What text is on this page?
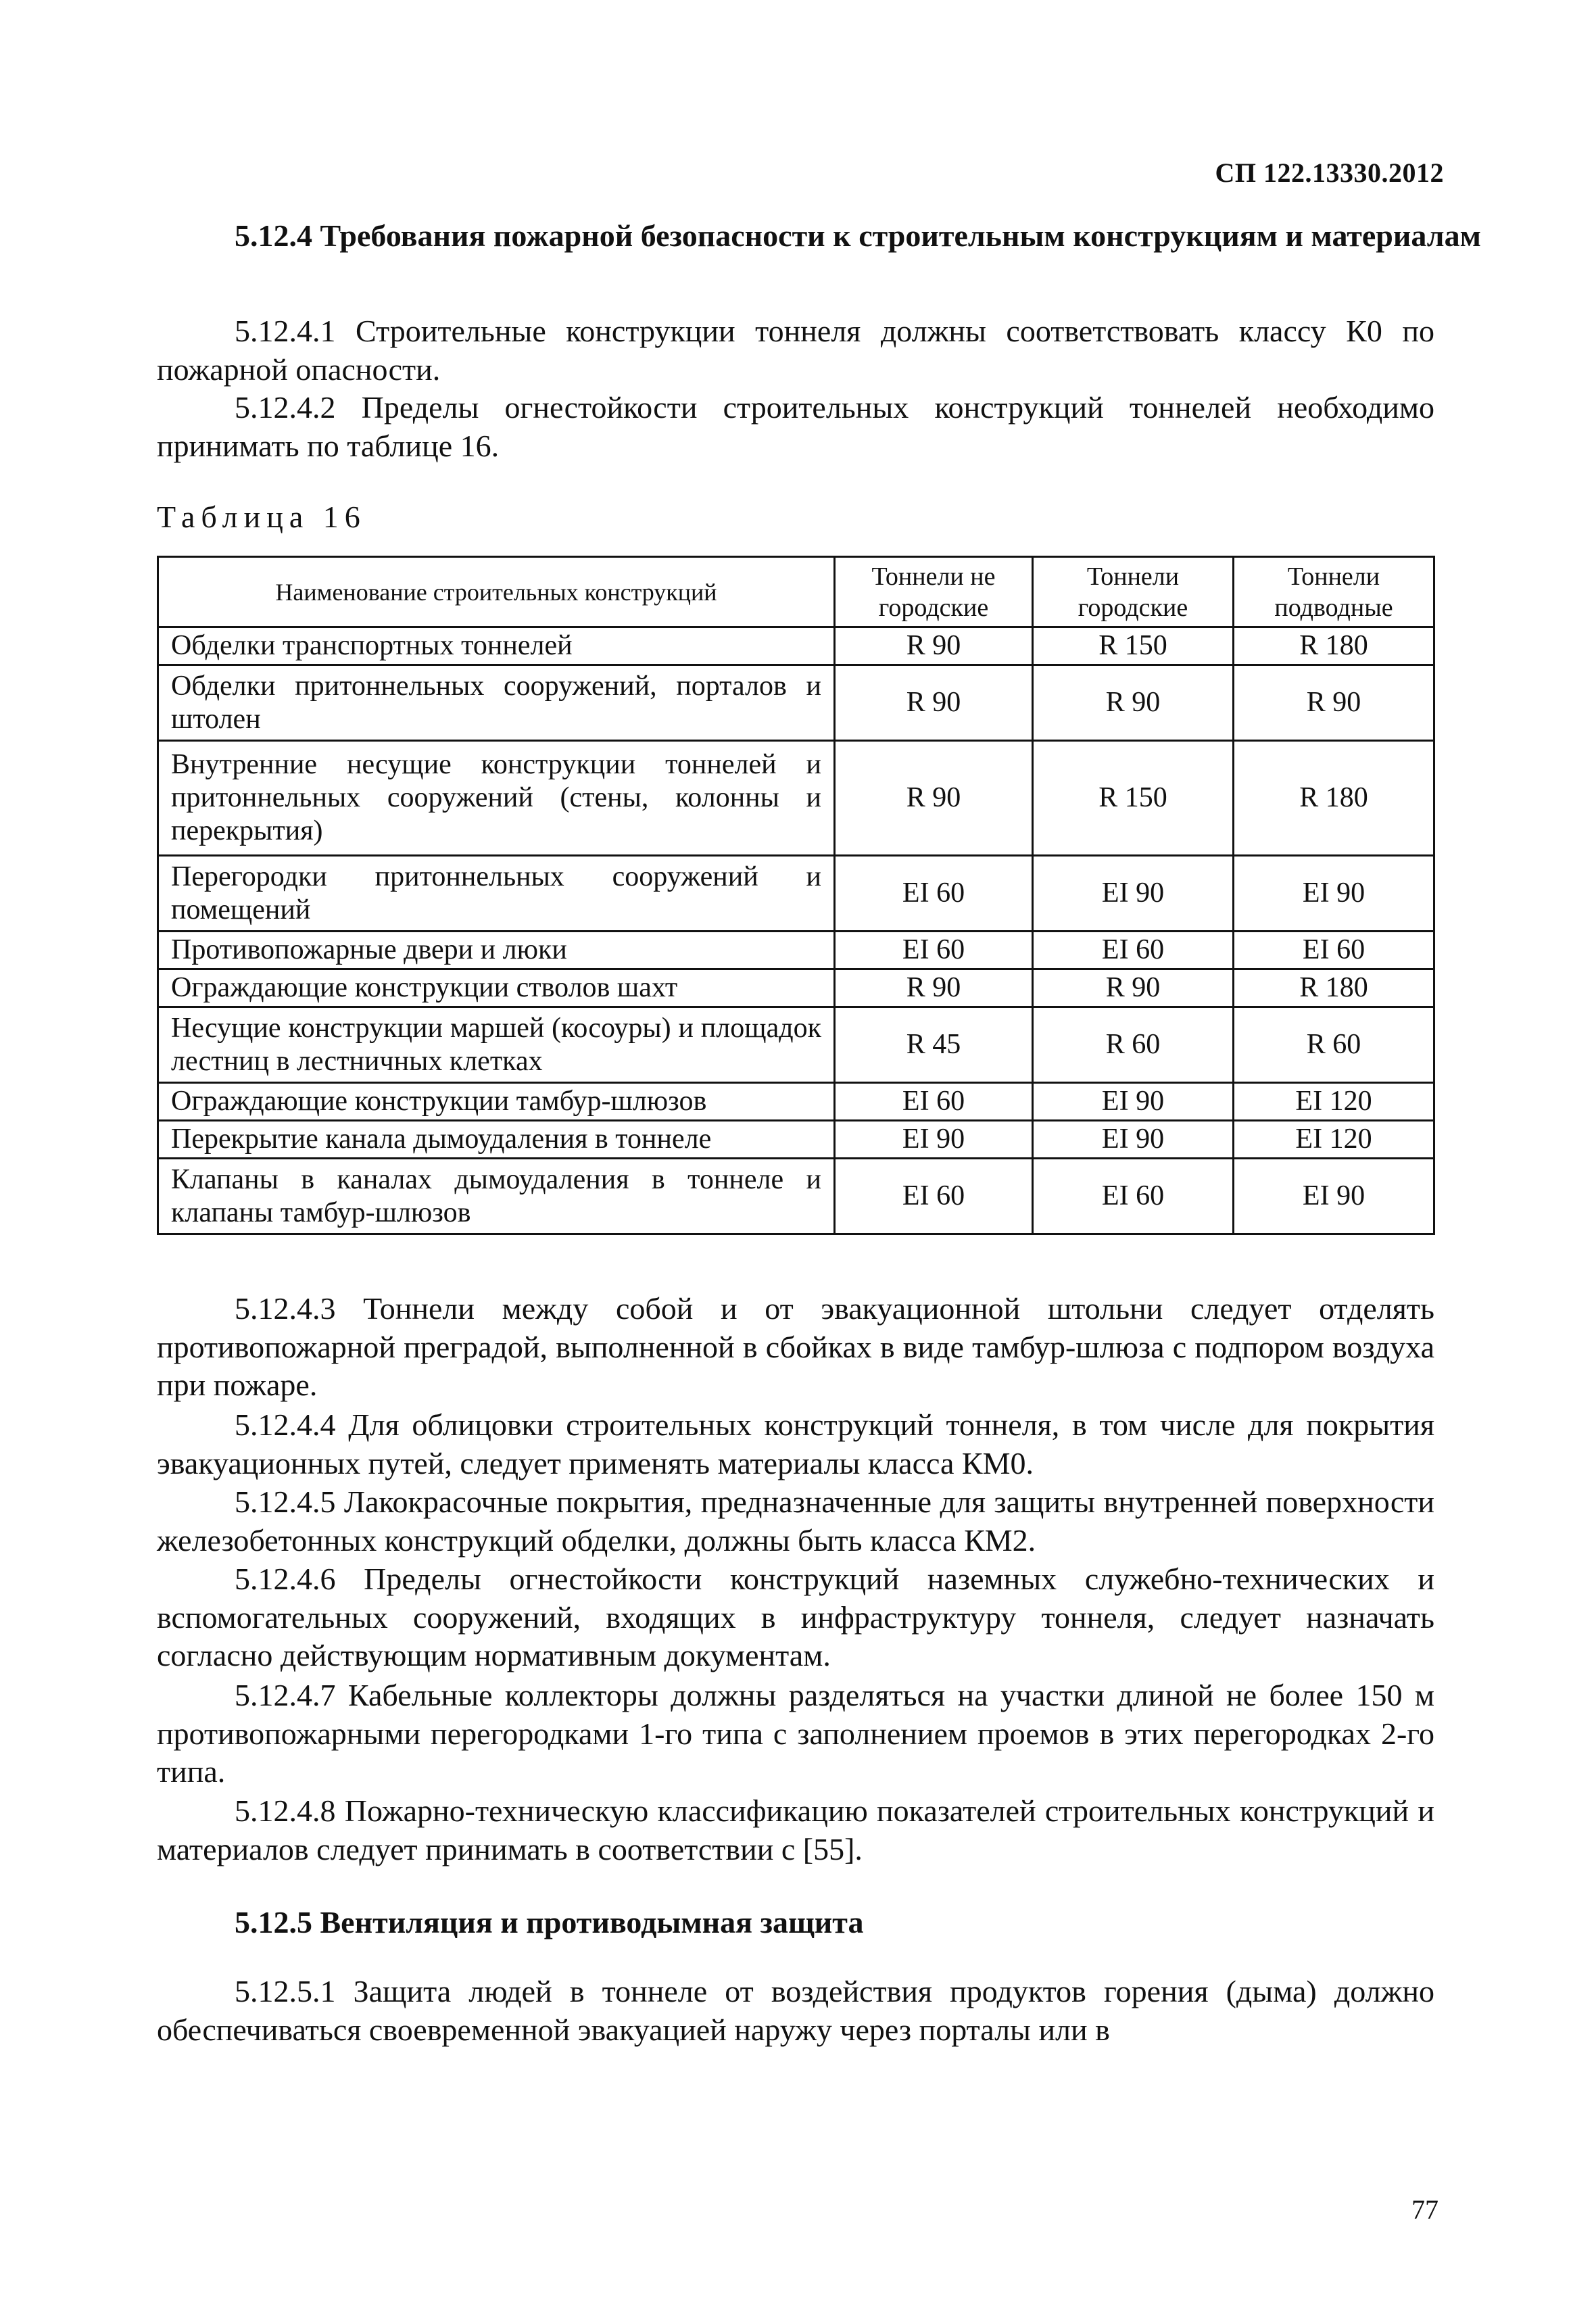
СП 122.13330.2012
5.12.4 Требования пожарной безопасности к строительным конструкциям и материалам
5.12.4.1 Строительные конструкции тоннеля должны соответствовать классу К0 по пожарной опасности.
5.12.4.2 Пределы огнестойкости строительных конструкций тоннелей необходимо принимать по таблице 16.
Таблица 16
Наименование строительных конструкций	Тоннели не городские	Тоннели городские	Тоннели подводные
Обделки транспортных тоннелей	R 90	R 150	R 180
Обделки притоннельных сооружений, порталов и штолен	R 90	R 90	R 90
Внутренние несущие конструкции тоннелей и притоннельных сооружений (стены, колонны и перекрытия)	R 90	R 150	R 180
Перегородки притоннельных сооружений и помещений	EI 60	EI 90	EI 90
Противопожарные двери и люки	EI 60	EI 60	EI 60
Ограждающие конструкции стволов шахт	R 90	R 90	R 180
Несущие конструкции маршей (косоуры) и площадок лестниц в лестничных клетках	R 45	R 60	R 60
Ограждающие конструкции тамбур-шлюзов	EI 60	EI 90	EI 120
Перекрытие канала дымоудаления в тоннеле	EI 90	EI 90	EI 120
Клапаны в каналах дымоудаления в тоннеле и клапаны тамбур-шлюзов	EI 60	EI 60	EI 90
5.12.4.3 Тоннели между собой и от эвакуационной штольни следует отделять противопожарной преградой, выполненной в сбойках в виде тамбур-шлюза с подпором воздуха при пожаре.
5.12.4.4 Для облицовки строительных конструкций тоннеля, в том числе для покрытия эвакуационных путей, следует применять материалы класса КМ0.
5.12.4.5 Лакокрасочные покрытия, предназначенные для защиты внутренней поверхности железобетонных конструкций обделки, должны быть класса КМ2.
5.12.4.6 Пределы огнестойкости конструкций наземных служебно-технических и вспомогательных сооружений, входящих в инфраструктуру тоннеля, следует назначать согласно действующим нормативным документам.
5.12.4.7 Кабельные коллекторы должны разделяться на участки длиной не более 150 м противопожарными перегородками 1-го типа с заполнением проемов в этих перегородках 2-го типа.
5.12.4.8 Пожарно-техническую классификацию показателей строительных конструкций и материалов следует принимать в соответствии с [55].
5.12.5 Вентиляция и противодымная защита
5.12.5.1 Защита людей в тоннеле от воздействия продуктов горения (дыма) должно обеспечиваться своевременной эвакуацией наружу через порталы или в
77
